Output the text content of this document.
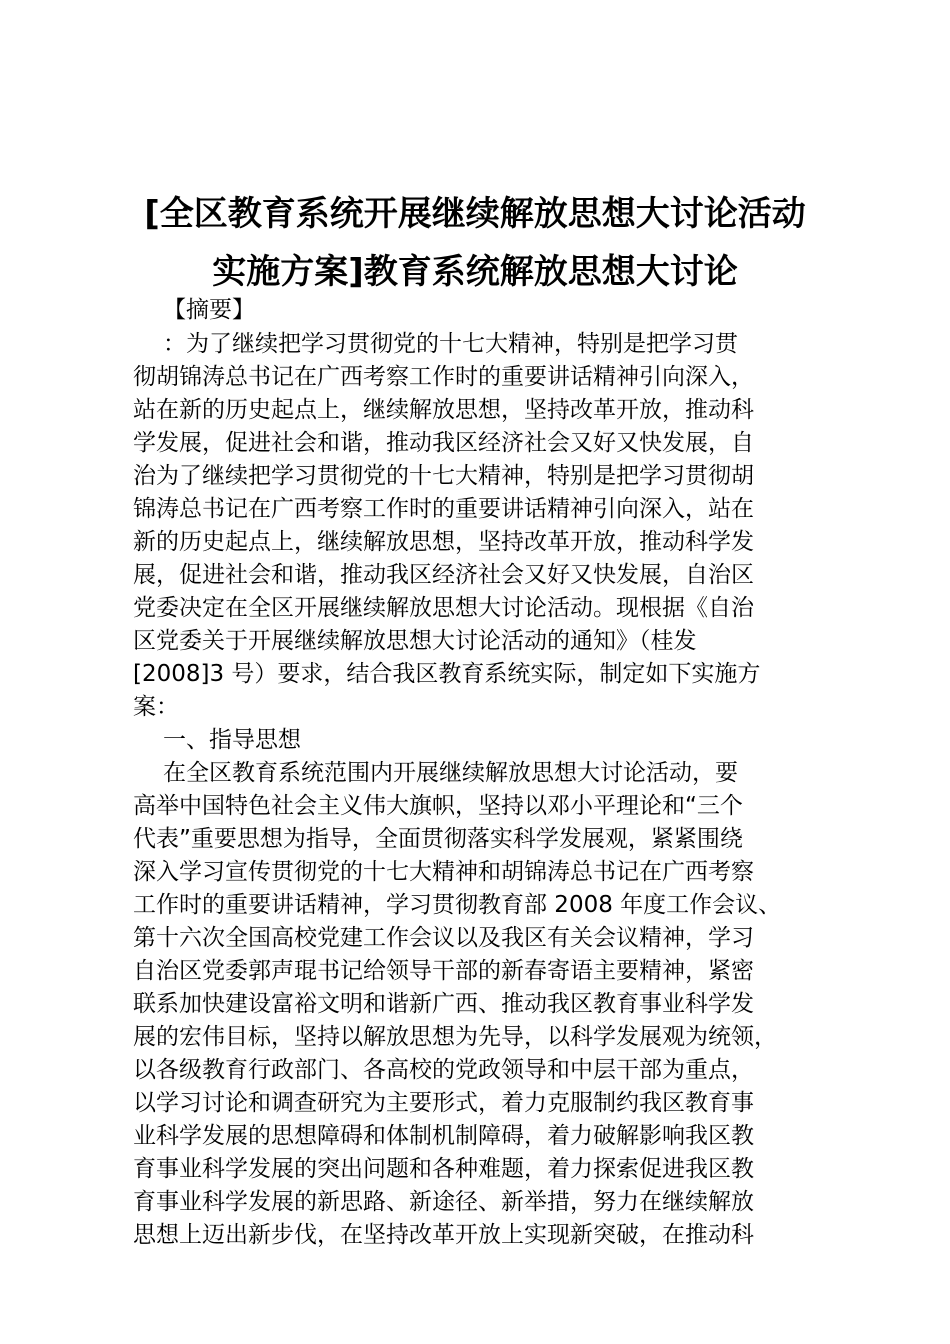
[全区教育系统开展继续解放思想大讨论活动
实施方案]教育系统解放思想大讨论
【摘要】
：为了继续把学习贯彻党的十七大精神，特别是把学习贯
彻胡锦涛总书记在广西考察工作时的重要讲话精神引向深入，
站在新的历史起点上，继续解放思想，坚持改革开放，推动科
学发展，促进社会和谐，推动我区经济社会又好又快发展，自
治为了继续把学习贯彻党的十七大精神，特别是把学习贯彻胡
锦涛总书记在广西考察工作时的重要讲话精神引向深入，站在
新的历史起点上，继续解放思想，坚持改革开放，推动科学发
展，促进社会和谐，推动我区经济社会又好又快发展，自治区
党委决定在全区开展继续解放思想大讨论活动。现根据《自治
区党委关于开展继续解放思想大讨论活动的通知》（桂发
[2008]3 号）要求，结合我区教育系统实际，制定如下实施方
案：
一、指导思想
在全区教育系统范围内开展继续解放思想大讨论活动，要
高举中国特色社会主义伟大旗帜，坚持以邓小平理论和“三个
代表”重要思想为指导，全面贯彻落实科学发展观，紧紧围绕
深入学习宣传贯彻党的十七大精神和胡锦涛总书记在广西考察
工作时的重要讲话精神，学习贯彻教育部 2008 年度工作会议、
第十六次全国高校党建工作会议以及我区有关会议精神，学习
自治区党委郭声琨书记给领导干部的新春寄语主要精神，紧密
联系加快建设富裕文明和谐新广西、推动我区教育事业科学发
展的宏伟目标，坚持以解放思想为先导，以科学发展观为统领，
以各级教育行政部门、各高校的党政领导和中层干部为重点，
以学习讨论和调查研究为主要形式，着力克服制约我区教育事
业科学发展的思想障碍和体制机制障碍，着力破解影响我区教
育事业科学发展的突出问题和各种难题，着力探索促进我区教
育事业科学发展的新思路、新途径、新举措，努力在继续解放
思想上迈出新步伐，在坚持改革开放上实现新突破，在推动科
